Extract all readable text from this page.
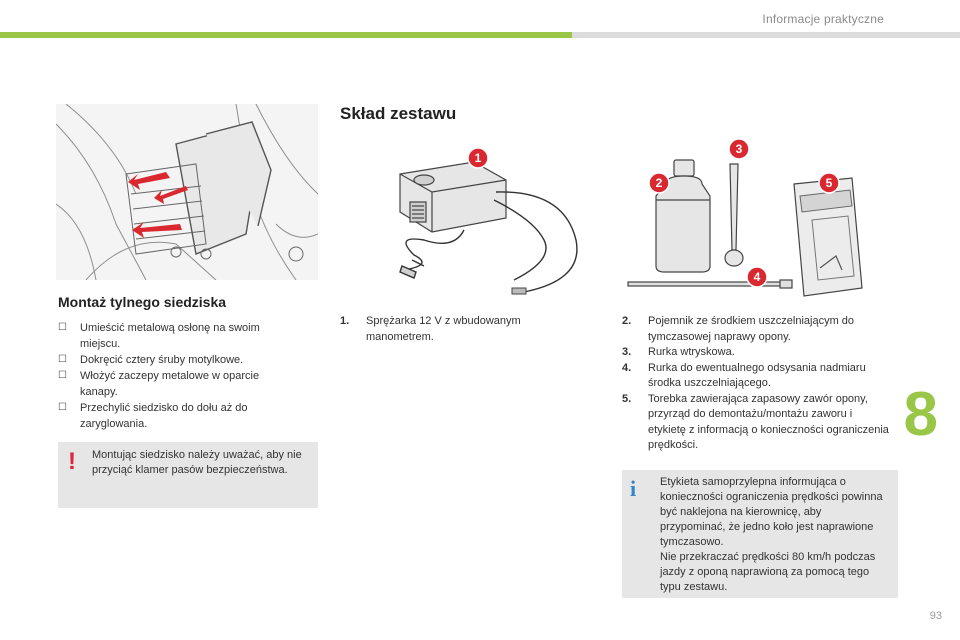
Informacje praktyczne
8
93
Montaż tylnego siedziska
☐ Umieścić metalową osłonę na swoim miejscu.
☐ Dokręcić cztery śruby motylkowe.
☐ Włożyć zaczepy metalowe w oparcie kanapy.
☐ Przechylić siedzisko do dołu aż do zaryglowania.
! Montując siedzisko należy uważać, aby nie przyciąć klamer pasów bezpieczeństwa.
Skład zestawu
1
2
3
4
5
1. Sprężarka 12 V z wbudowanym manometrem.
2. Pojemnik ze środkiem uszczelniającym do tymczasowej naprawy opony.
3. Rurka wtryskowa.
4. Rurka do ewentualnego odsysania nadmiaru środka uszczelniającego.
5. Torebka zawierająca zapasowy zawór opony, przyrząd do demontażu/montażu zaworu i etykietę z informacją o konieczności ograniczenia prędkości.
i Etykieta samoprzylepna informująca o konieczności ograniczenia prędkości powinna być naklejona na kierownicę, aby przypominać, że jedno koło jest naprawione tymczasowo.
Nie przekraczać prędkości 80 km/h podczas jazdy z oponą naprawioną za pomocą tego typu zestawu.
